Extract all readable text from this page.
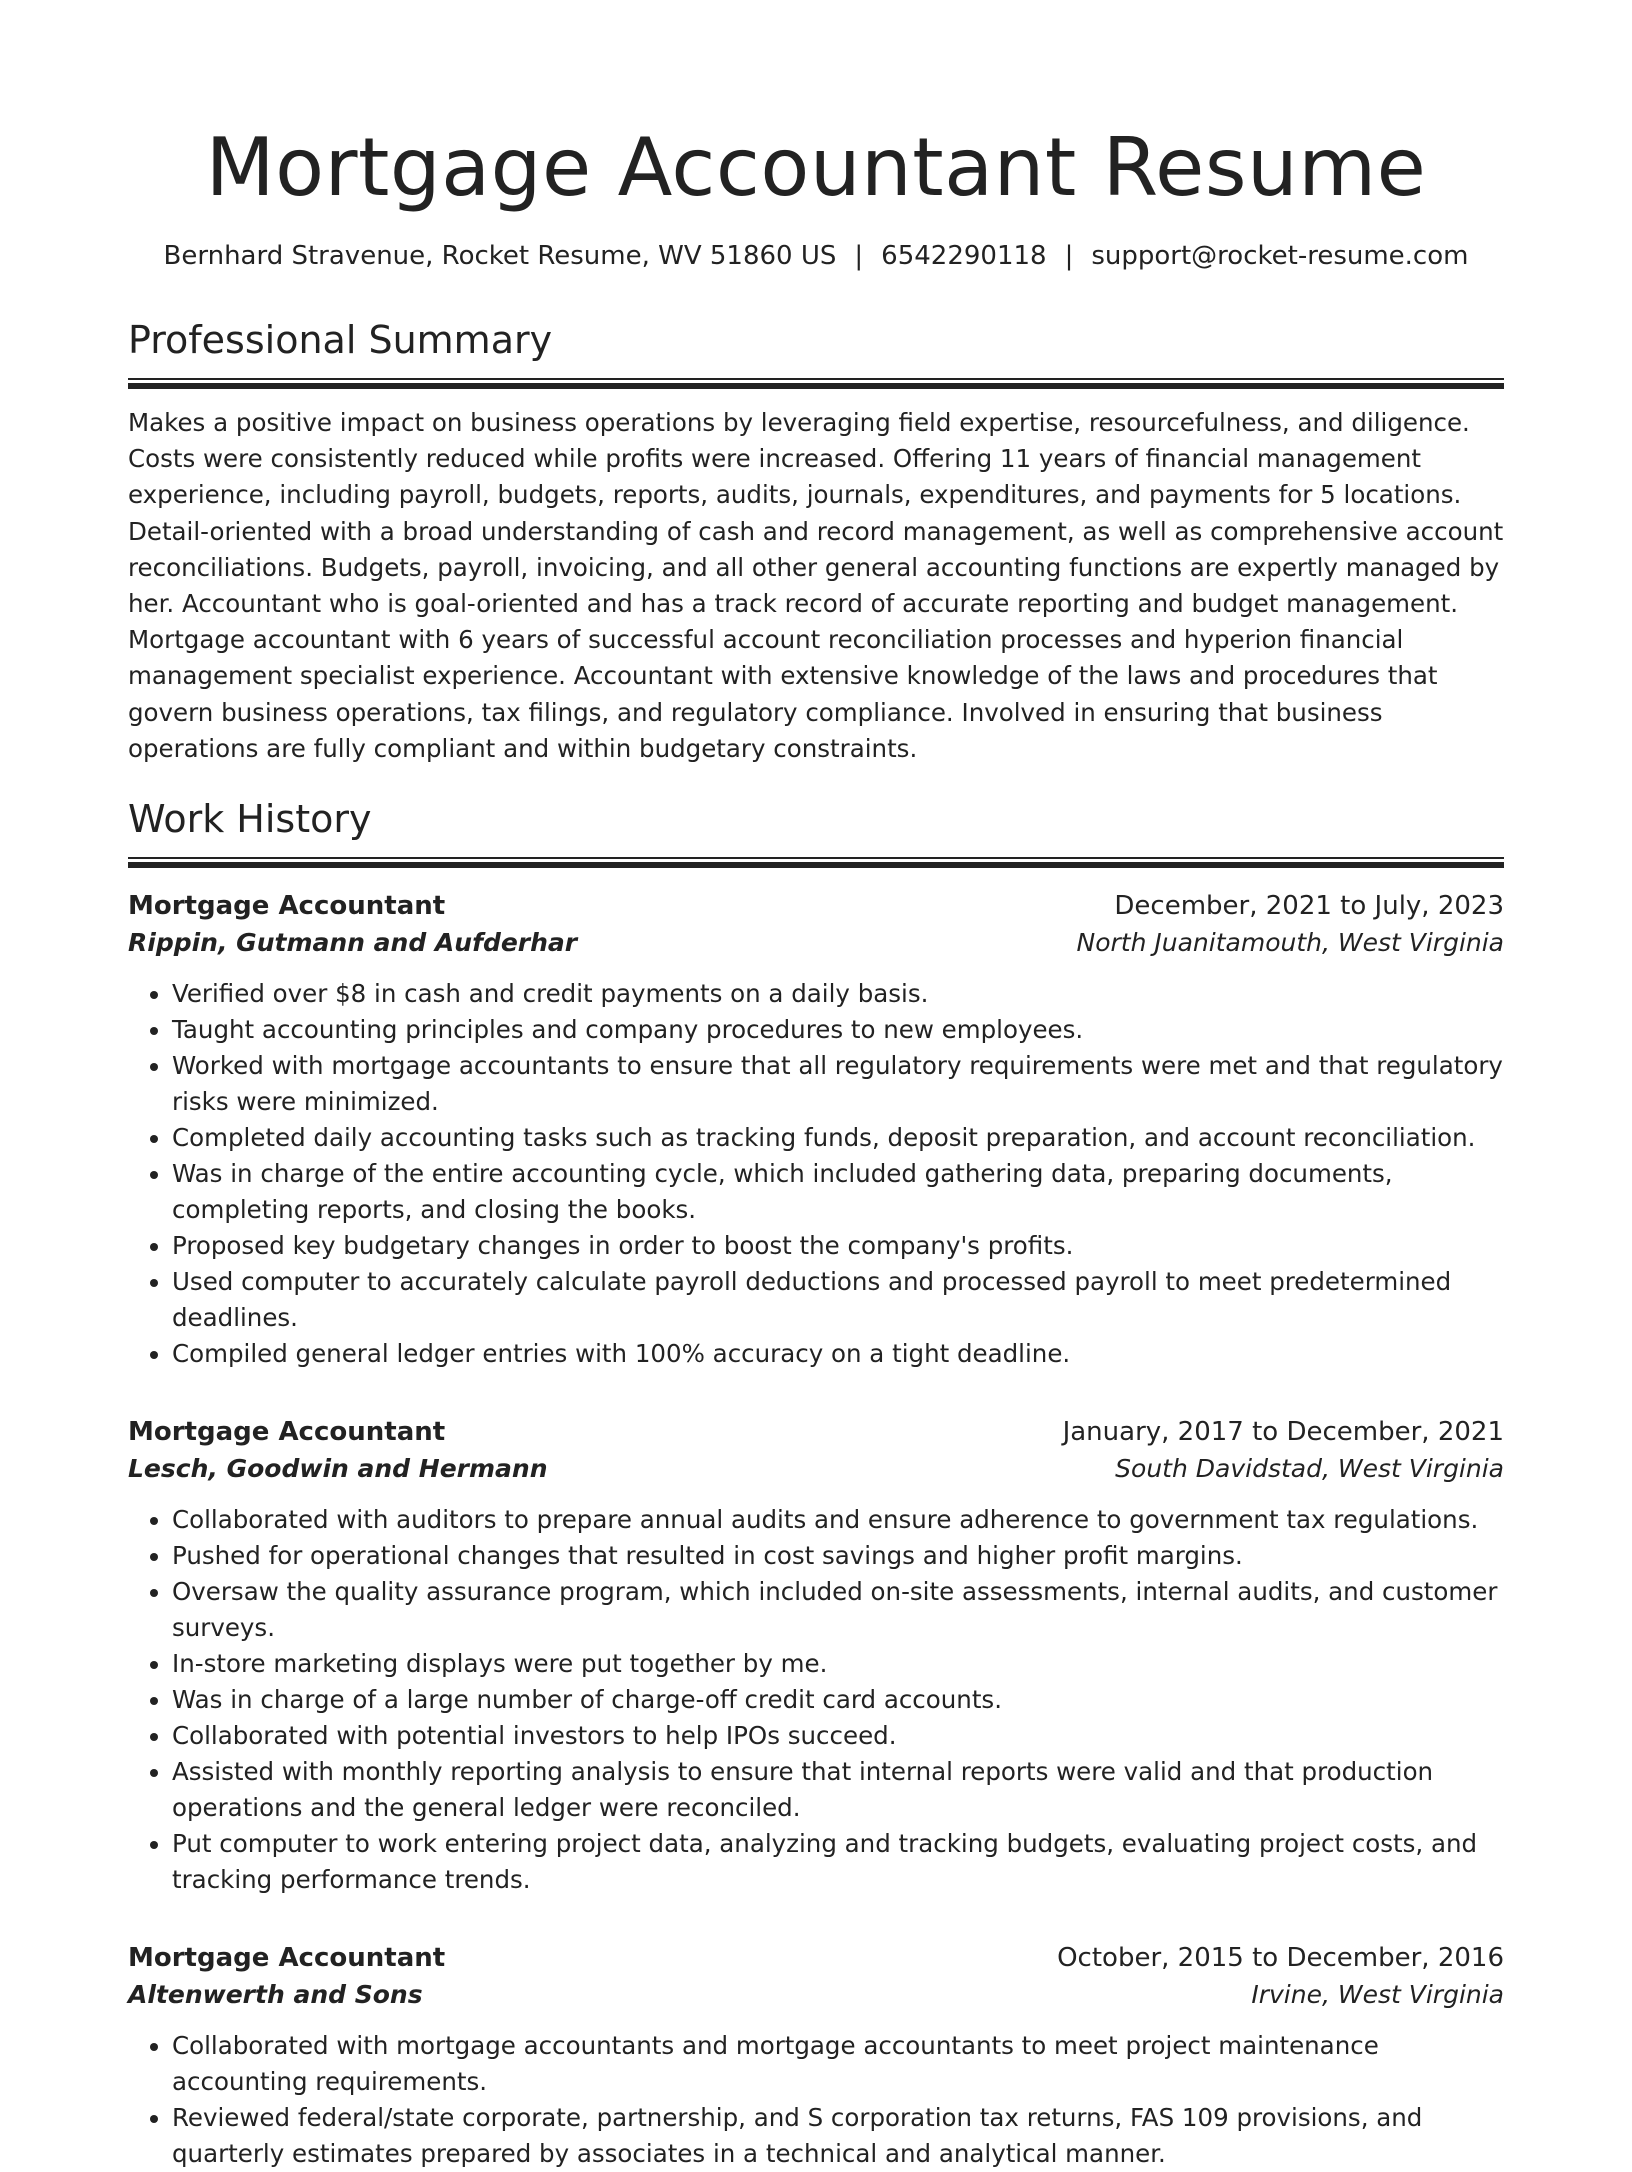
Mortgage Accountant Resume
Bernhard Stravenue, Rocket Resume, WV 51860 US | 6542290118 | support@rocket-resume.com
Professional Summary

Makes a positive impact on business operations by leveraging field expertise, resourcefulness, and diligence. Costs were consistently reduced while profits were increased. Offering 11 years of financial management experience, including payroll, budgets, reports, audits, journals, expenditures, and payments for 5 locations. Detail-oriented with a broad understanding of cash and record management, as well as comprehensive account reconciliations. Budgets, payroll, invoicing, and all other general accounting functions are expertly managed by her. Accountant who is goal-oriented and has a track record of accurate reporting and budget management. Mortgage accountant with 6 years of successful account reconciliation processes and hyperion financial management specialist experience. Accountant with extensive knowledge of the laws and procedures that govern business operations, tax filings, and regulatory compliance. Involved in ensuring that business operations are fully compliant and within budgetary constraints.

Work History
Mortgage Accountant	December, 2021 to July, 2023
Rippin, Gutmann and Aufderhar	North Juanitamouth, West Virginia
• Verified over $8 in cash and credit payments on a daily basis.
• Taught accounting principles and company procedures to new employees.
• Worked with mortgage accountants to ensure that all regulatory requirements were met and that regulatory risks were minimized.
• Completed daily accounting tasks such as tracking funds, deposit preparation, and account reconciliation.
• Was in charge of the entire accounting cycle, which included gathering data, preparing documents, completing reports, and closing the books.
• Proposed key budgetary changes in order to boost the company's profits.
• Used computer to accurately calculate payroll deductions and processed payroll to meet predetermined deadlines.
• Compiled general ledger entries with 100% accuracy on a tight deadline.
Mortgage Accountant	January, 2017 to December, 2021
Lesch, Goodwin and Hermann	South Davidstad, West Virginia
• Collaborated with auditors to prepare annual audits and ensure adherence to government tax regulations.
• Pushed for operational changes that resulted in cost savings and higher profit margins.
• Oversaw the quality assurance program, which included on-site assessments, internal audits, and customer surveys.
• In-store marketing displays were put together by me.
• Was in charge of a large number of charge-off credit card accounts.
• Collaborated with potential investors to help IPOs succeed.
• Assisted with monthly reporting analysis to ensure that internal reports were valid and that production operations and the general ledger were reconciled.
• Put computer to work entering project data, analyzing and tracking budgets, evaluating project costs, and tracking performance trends.
Mortgage Accountant	October, 2015 to December, 2016
Altenwerth and Sons	Irvine, West Virginia
• Collaborated with mortgage accountants and mortgage accountants to meet project maintenance accounting requirements.
• Reviewed federal/state corporate, partnership, and S corporation tax returns, FAS 109 provisions, and quarterly estimates prepared by associates in a technical and analytical manner.
